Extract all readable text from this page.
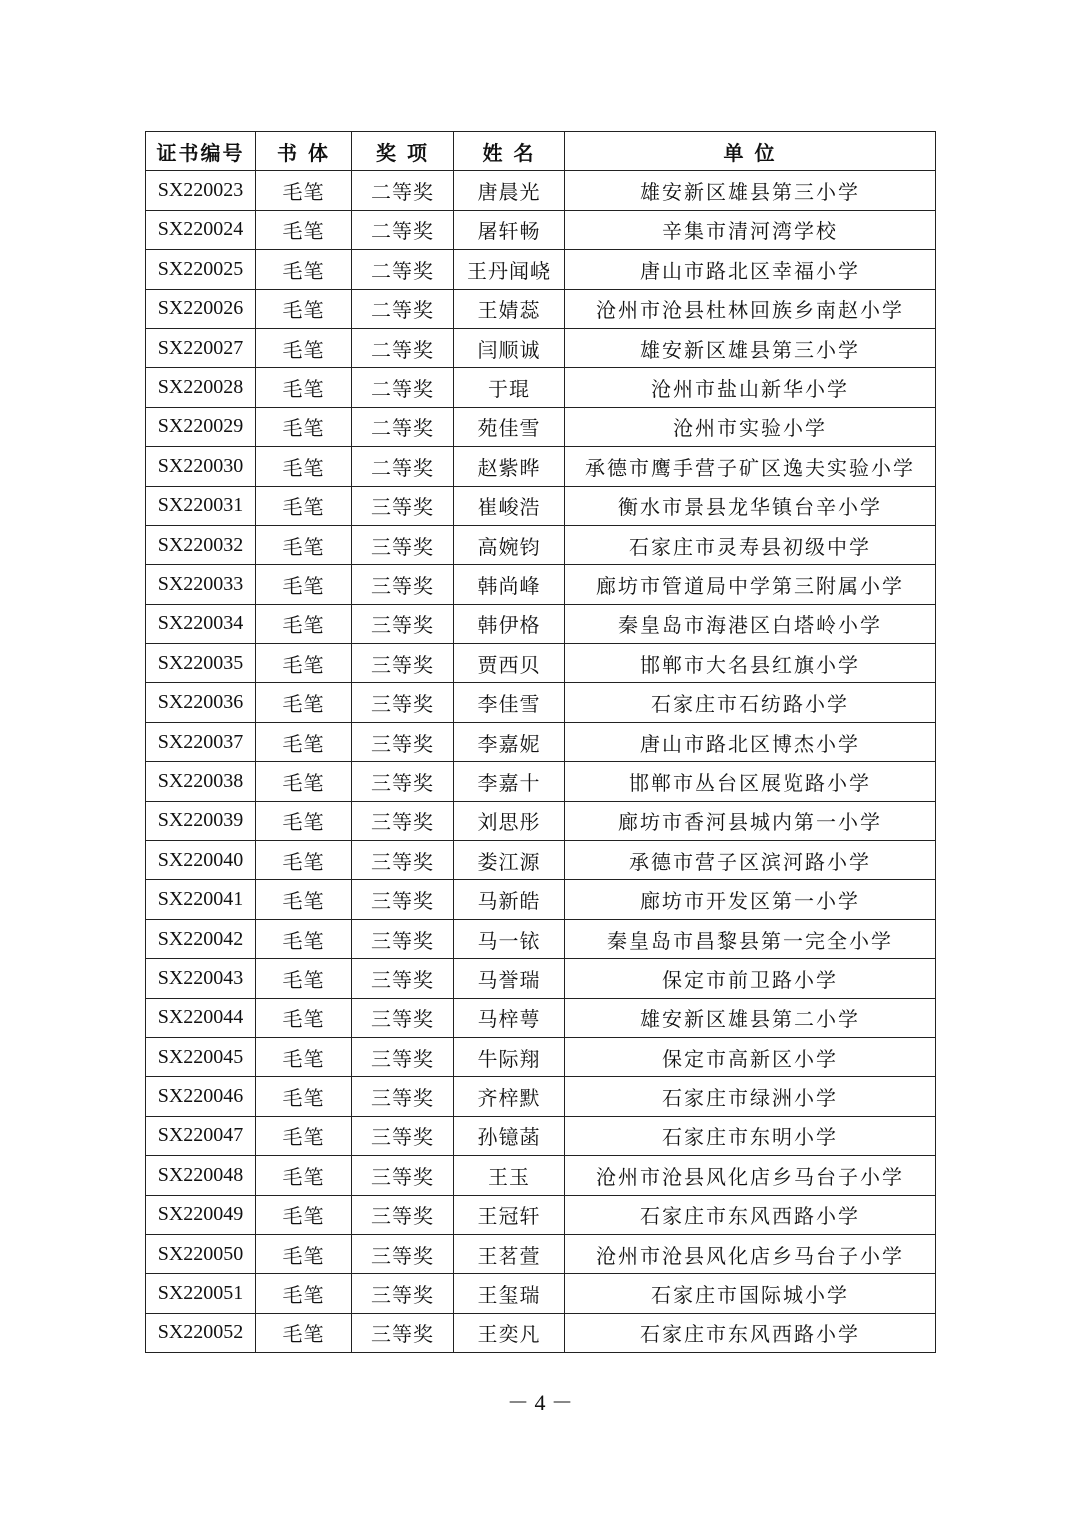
证书编号	书 体	奖 项	姓 名	单 位
SX220023	毛笔	二等奖	唐晨光	雄安新区雄县第三小学
SX220024	毛笔	二等奖	屠轩畅	辛集市清河湾学校
SX220025	毛笔	二等奖	王丹闻峣	唐山市路北区幸福小学
SX220026	毛笔	二等奖	王婧蕊	沧州市沧县杜林回族乡南赵小学
SX220027	毛笔	二等奖	闫顺诚	雄安新区雄县第三小学
SX220028	毛笔	二等奖	于琨	沧州市盐山新华小学
SX220029	毛笔	二等奖	苑佳雪	沧州市实验小学
SX220030	毛笔	二等奖	赵紫晔	承德市鹰手营子矿区逸夫实验小学
SX220031	毛笔	三等奖	崔峻浩	衡水市景县龙华镇台辛小学
SX220032	毛笔	三等奖	高婉钧	石家庄市灵寿县初级中学
SX220033	毛笔	三等奖	韩尚峰	廊坊市管道局中学第三附属小学
SX220034	毛笔	三等奖	韩伊格	秦皇岛市海港区白塔岭小学
SX220035	毛笔	三等奖	贾西贝	邯郸市大名县红旗小学
SX220036	毛笔	三等奖	李佳雪	石家庄市石纺路小学
SX220037	毛笔	三等奖	李嘉妮	唐山市路北区博杰小学
SX220038	毛笔	三等奖	李嘉十	邯郸市丛台区展览路小学
SX220039	毛笔	三等奖	刘思彤	廊坊市香河县城内第一小学
SX220040	毛笔	三等奖	娄江源	承德市营子区滨河路小学
SX220041	毛笔	三等奖	马新皓	廊坊市开发区第一小学
SX220042	毛笔	三等奖	马一铱	秦皇岛市昌黎县第一完全小学
SX220043	毛笔	三等奖	马誉瑞	保定市前卫路小学
SX220044	毛笔	三等奖	马梓萼	雄安新区雄县第二小学
SX220045	毛笔	三等奖	牛际翔	保定市高新区小学
SX220046	毛笔	三等奖	齐梓默	石家庄市绿洲小学
SX220047	毛笔	三等奖	孙镱菡	石家庄市东明小学
SX220048	毛笔	三等奖	王玉	沧州市沧县风化店乡马台子小学
SX220049	毛笔	三等奖	王冠轩	石家庄市东风西路小学
SX220050	毛笔	三等奖	王茗萱	沧州市沧县风化店乡马台子小学
SX220051	毛笔	三等奖	王玺瑞	石家庄市国际城小学
SX220052	毛笔	三等奖	王奕凡	石家庄市东风西路小学
－ 4 －
